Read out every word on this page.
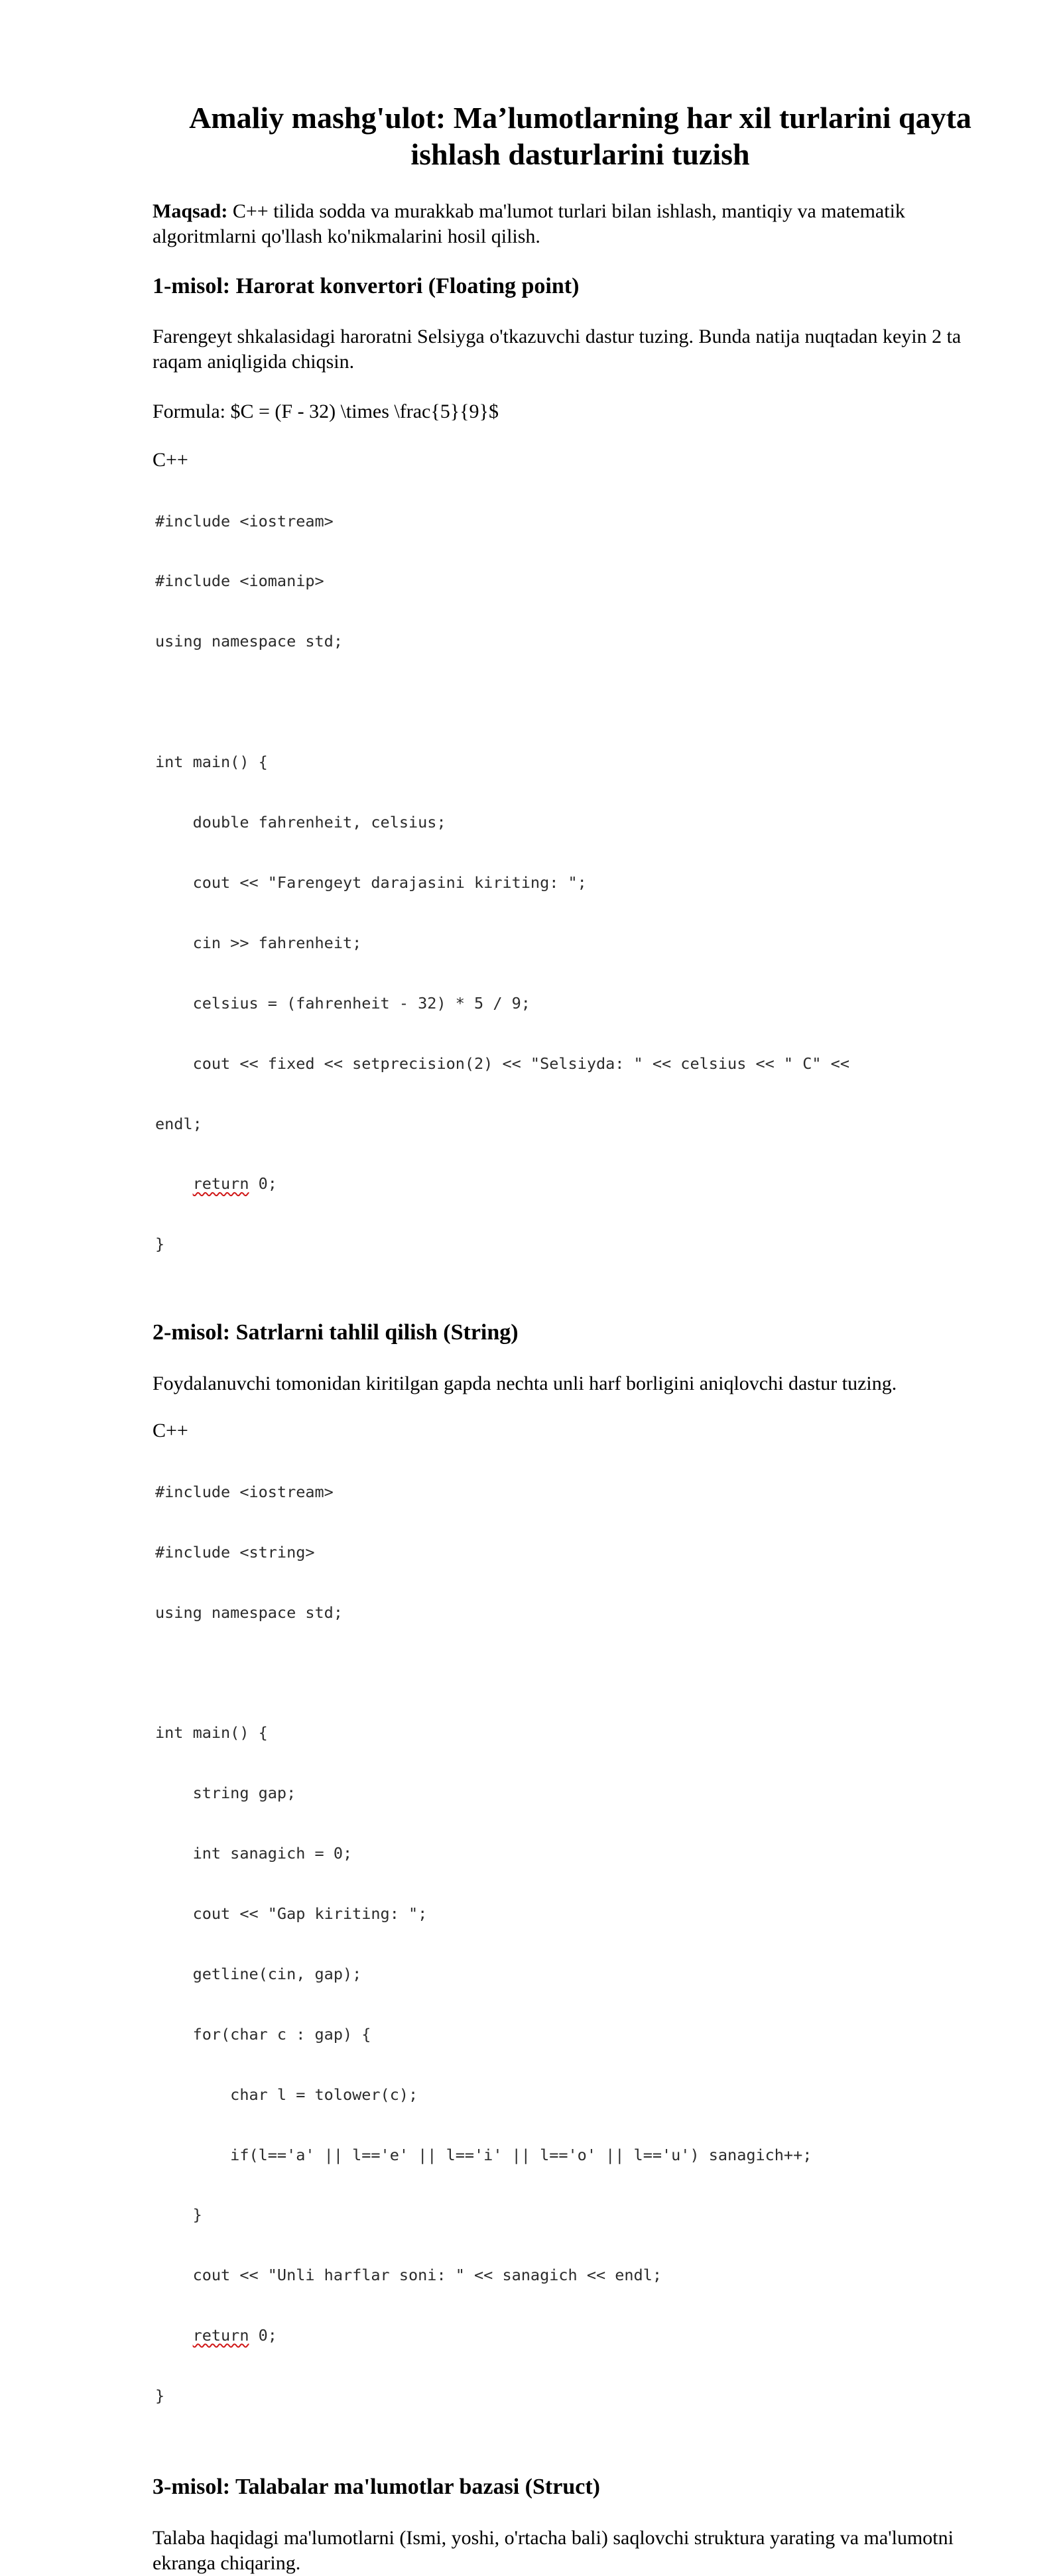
Amaliy mashg'ulot: Ma’lumotlarning har xil turlarini qayta ishlash dasturlarini tuzish

Maqsad: C++ tilida sodda va murakkab ma'lumot turlari bilan ishlash, mantiqiy va matematik algoritmlarni qo'llash ko'nikmalarini hosil qilish.

1-misol: Harorat konvertori (Floating point)

Farengeyt shkalasidagi haroratni Selsiyga o'tkazuvchi dastur tuzing. Bunda natija nuqtadan keyin 2 ta raqam aniqligida chiqsin.

Formula: $C = (F - 32) \times \frac{5}{9}$

C++

#include <iostream>

#include <iomanip>

using namespace std;

int main() {

double fahrenheit, celsius;

cout << "Farengeyt darajasini kiriting: ";

cin >> fahrenheit;

celsius = (fahrenheit - 32) * 5 / 9;

cout << fixed << setprecision(2) << "Selsiyda: " << celsius << " C" <<

endl;

return 0;

}

2-misol: Satrlarni tahlil qilish (String)

Foydalanuvchi tomonidan kiritilgan gapda nechta unli harf borligini aniqlovchi dastur tuzing.

C++

#include <iostream>

#include <string>

using namespace std;

int main() {

string gap;

int sanagich = 0;

cout << "Gap kiriting: ";

getline(cin, gap);

for(char c : gap) {

char l = tolower(c);

if(l=='a' || l=='e' || l=='i' || l=='o' || l=='u') sanagich++;

}

cout << "Unli harflar soni: " << sanagich << endl;

return 0;

}

3-misol: Talabalar ma'lumotlar bazasi (Struct)

Talaba haqidagi ma'lumotlarni (Ismi, yoshi, o'rtacha bali) saqlovchi struktura yarating va ma'lumotni ekranga chiqaring.
